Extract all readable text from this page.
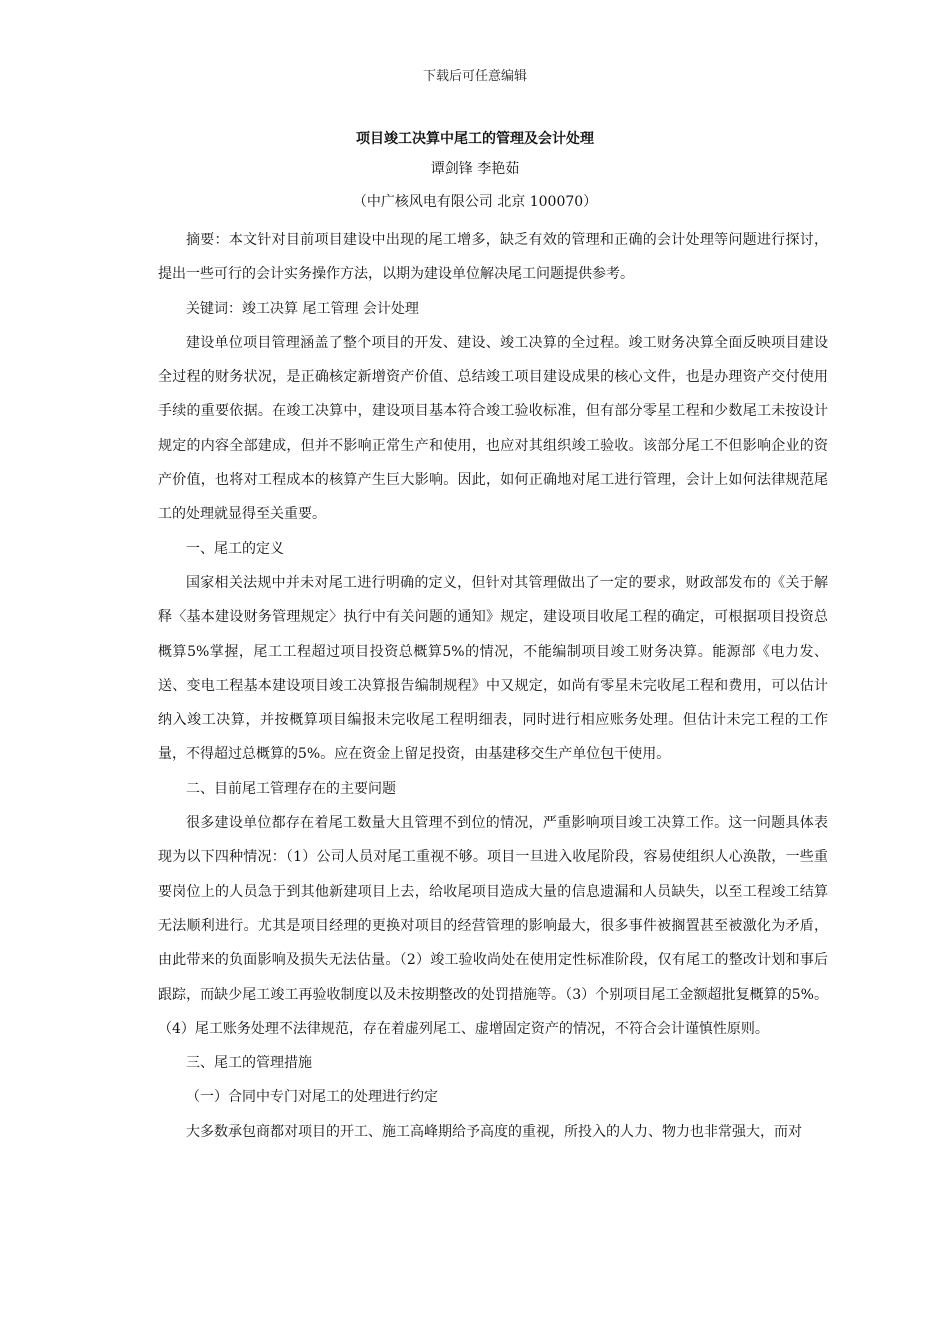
下载后可任意编辑
项目竣工决算中尾工的管理及会计处理
谭剑锋 李艳茹
（中广核风电有限公司 北京 100070）

摘要：本文针对目前项目建设中出现的尾工增多，缺乏有效的管理和正确的会计处理等问题进行探讨，提出一些可行的会计实务操作方法，以期为建设单位解决尾工问题提供参考。

关键词：竣工决算 尾工管理 会计处理

建设单位项目管理涵盖了整个项目的开发、建设、竣工决算的全过程。竣工财务决算全面反映项目建设全过程的财务状况，是正确核定新增资产价值、总结竣工项目建设成果的核心文件，也是办理资产交付使用手续的重要依据。在竣工决算中，建设项目基本符合竣工验收标准，但有部分零星工程和少数尾工未按设计规定的内容全部建成，但并不影响正常生产和使用，也应对其组织竣工验收。该部分尾工不但影响企业的资产价值，也将对工程成本的核算产生巨大影响。因此，如何正确地对尾工进行管理，会计上如何法律规范尾工的处理就显得至关重要。

一、尾工的定义

国家相关法规中并未对尾工进行明确的定义，但针对其管理做出了一定的要求，财政部发布的《关于解释〈基本建设财务管理规定〉执行中有关问题的通知》规定，建设项目收尾工程的确定，可根据项目投资总概算5%掌握，尾工工程超过项目投资总概算5%的情况，不能编制项目竣工财务决算。能源部《电力发、送、变电工程基本建设项目竣工决算报告编制规程》中又规定，如尚有零星未完收尾工程和费用，可以估计纳入竣工决算，并按概算项目编报未完收尾工程明细表，同时进行相应账务处理。但估计未完工程的工作量，不得超过总概算的5%。应在资金上留足投资，由基建移交生产单位包干使用。

二、目前尾工管理存在的主要问题

很多建设单位都存在着尾工数量大且管理不到位的情况，严重影响项目竣工决算工作。这一问题具体表现为以下四种情况：（1）公司人员对尾工重视不够。项目一旦进入收尾阶段，容易使组织人心涣散，一些重要岗位上的人员急于到其他新建项目上去，给收尾项目造成大量的信息遗漏和人员缺失，以至工程竣工结算无法顺利进行。尤其是项目经理的更换对项目的经营管理的影响最大，很多事件被搁置甚至被激化为矛盾，由此带来的负面影响及损失无法估量。（2）竣工验收尚处在使用定性标准阶段，仅有尾工的整改计划和事后跟踪，而缺少尾工竣工再验收制度以及未按期整改的处罚措施等。（3）个别项目尾工金额超批复概算的5%。（4）尾工账务处理不法律规范，存在着虚列尾工、虚增固定资产的情况，不符合会计谨慎性原则。

三、尾工的管理措施

（一）合同中专门对尾工的处理进行约定

大多数承包商都对项目的开工、施工高峰期给予高度的重视，所投入的人力、物力也非常强大，而对
